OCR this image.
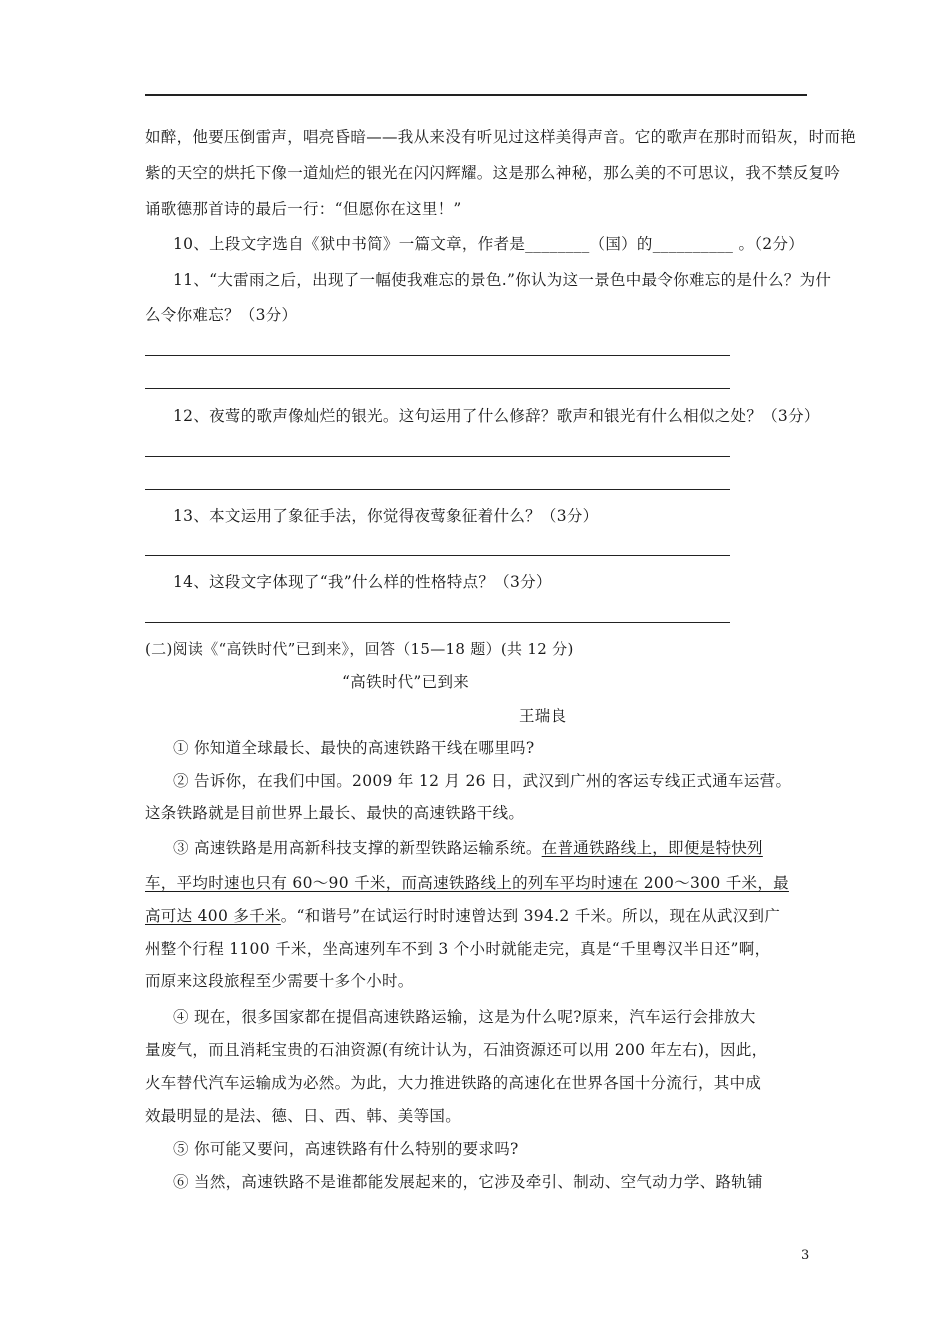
如醉，他要压倒雷声，唱亮昏暗——我从来没有听见过这样美得声音。它的歌声在那时而铅灰，时而艳
紫的天空的烘托下像一道灿烂的银光在闪闪辉耀。这是那么神秘，那么美的不可思议，我不禁反复吟
诵歌德那首诗的最后一行：“但愿你在这里！”
10、上段文字选自《狱中书简》一篇文章，作者是________（国）的__________ 。（2分）
11、“大雷雨之后，出现了一幅使我难忘的景色.”你认为这一景色中最令你难忘的是什么？为什
么令你难忘？（3分）
12、夜莺的歌声像灿烂的银光。这句运用了什么修辞？歌声和银光有什么相似之处？（3分）
13、本文运用了象征手法，你觉得夜莺象征着什么？（3分）
14、这段文字体现了“我”什么样的性格特点？（3分）
(二)阅读《“高铁时代”已到来》，回答（15—18 题）(共 12 分)
“高铁时代”已到来
王瑞良
① 你知道全球最长、最快的高速铁路干线在哪里吗?
② 告诉你，在我们中国。2009 年 12 月 26 日，武汉到广州的客运专线正式通车运营。
这条铁路就是目前世界上最长、最快的高速铁路干线。
③ 高速铁路是用高新科技支撑的新型铁路运输系统。在普通铁路线上，即便是特快列
车，平均时速也只有 60～90 千米，而高速铁路线上的列车平均时速在 200～300 千米，最
高可达 400 多千米。“和谐号”在试运行时时速曾达到 394.2 千米。所以，现在从武汉到广
州整个行程 1100 千米，坐高速列车不到 3 个小时就能走完，真是“千里粤汉半日还”啊，
而原来这段旅程至少需要十多个小时。
④ 现在，很多国家都在提倡高速铁路运输，这是为什么呢?原来，汽车运行会排放大
量废气，而且消耗宝贵的石油资源(有统计认为，石油资源还可以用 200 年左右)，因此，
火车替代汽车运输成为必然。为此，大力推进铁路的高速化在世界各国十分流行，其中成
效最明显的是法、德、日、西、韩、美等国。
⑤ 你可能又要问，高速铁路有什么特别的要求吗?
⑥ 当然，高速铁路不是谁都能发展起来的，它涉及牵引、制动、空气动力学、路轨铺
3
